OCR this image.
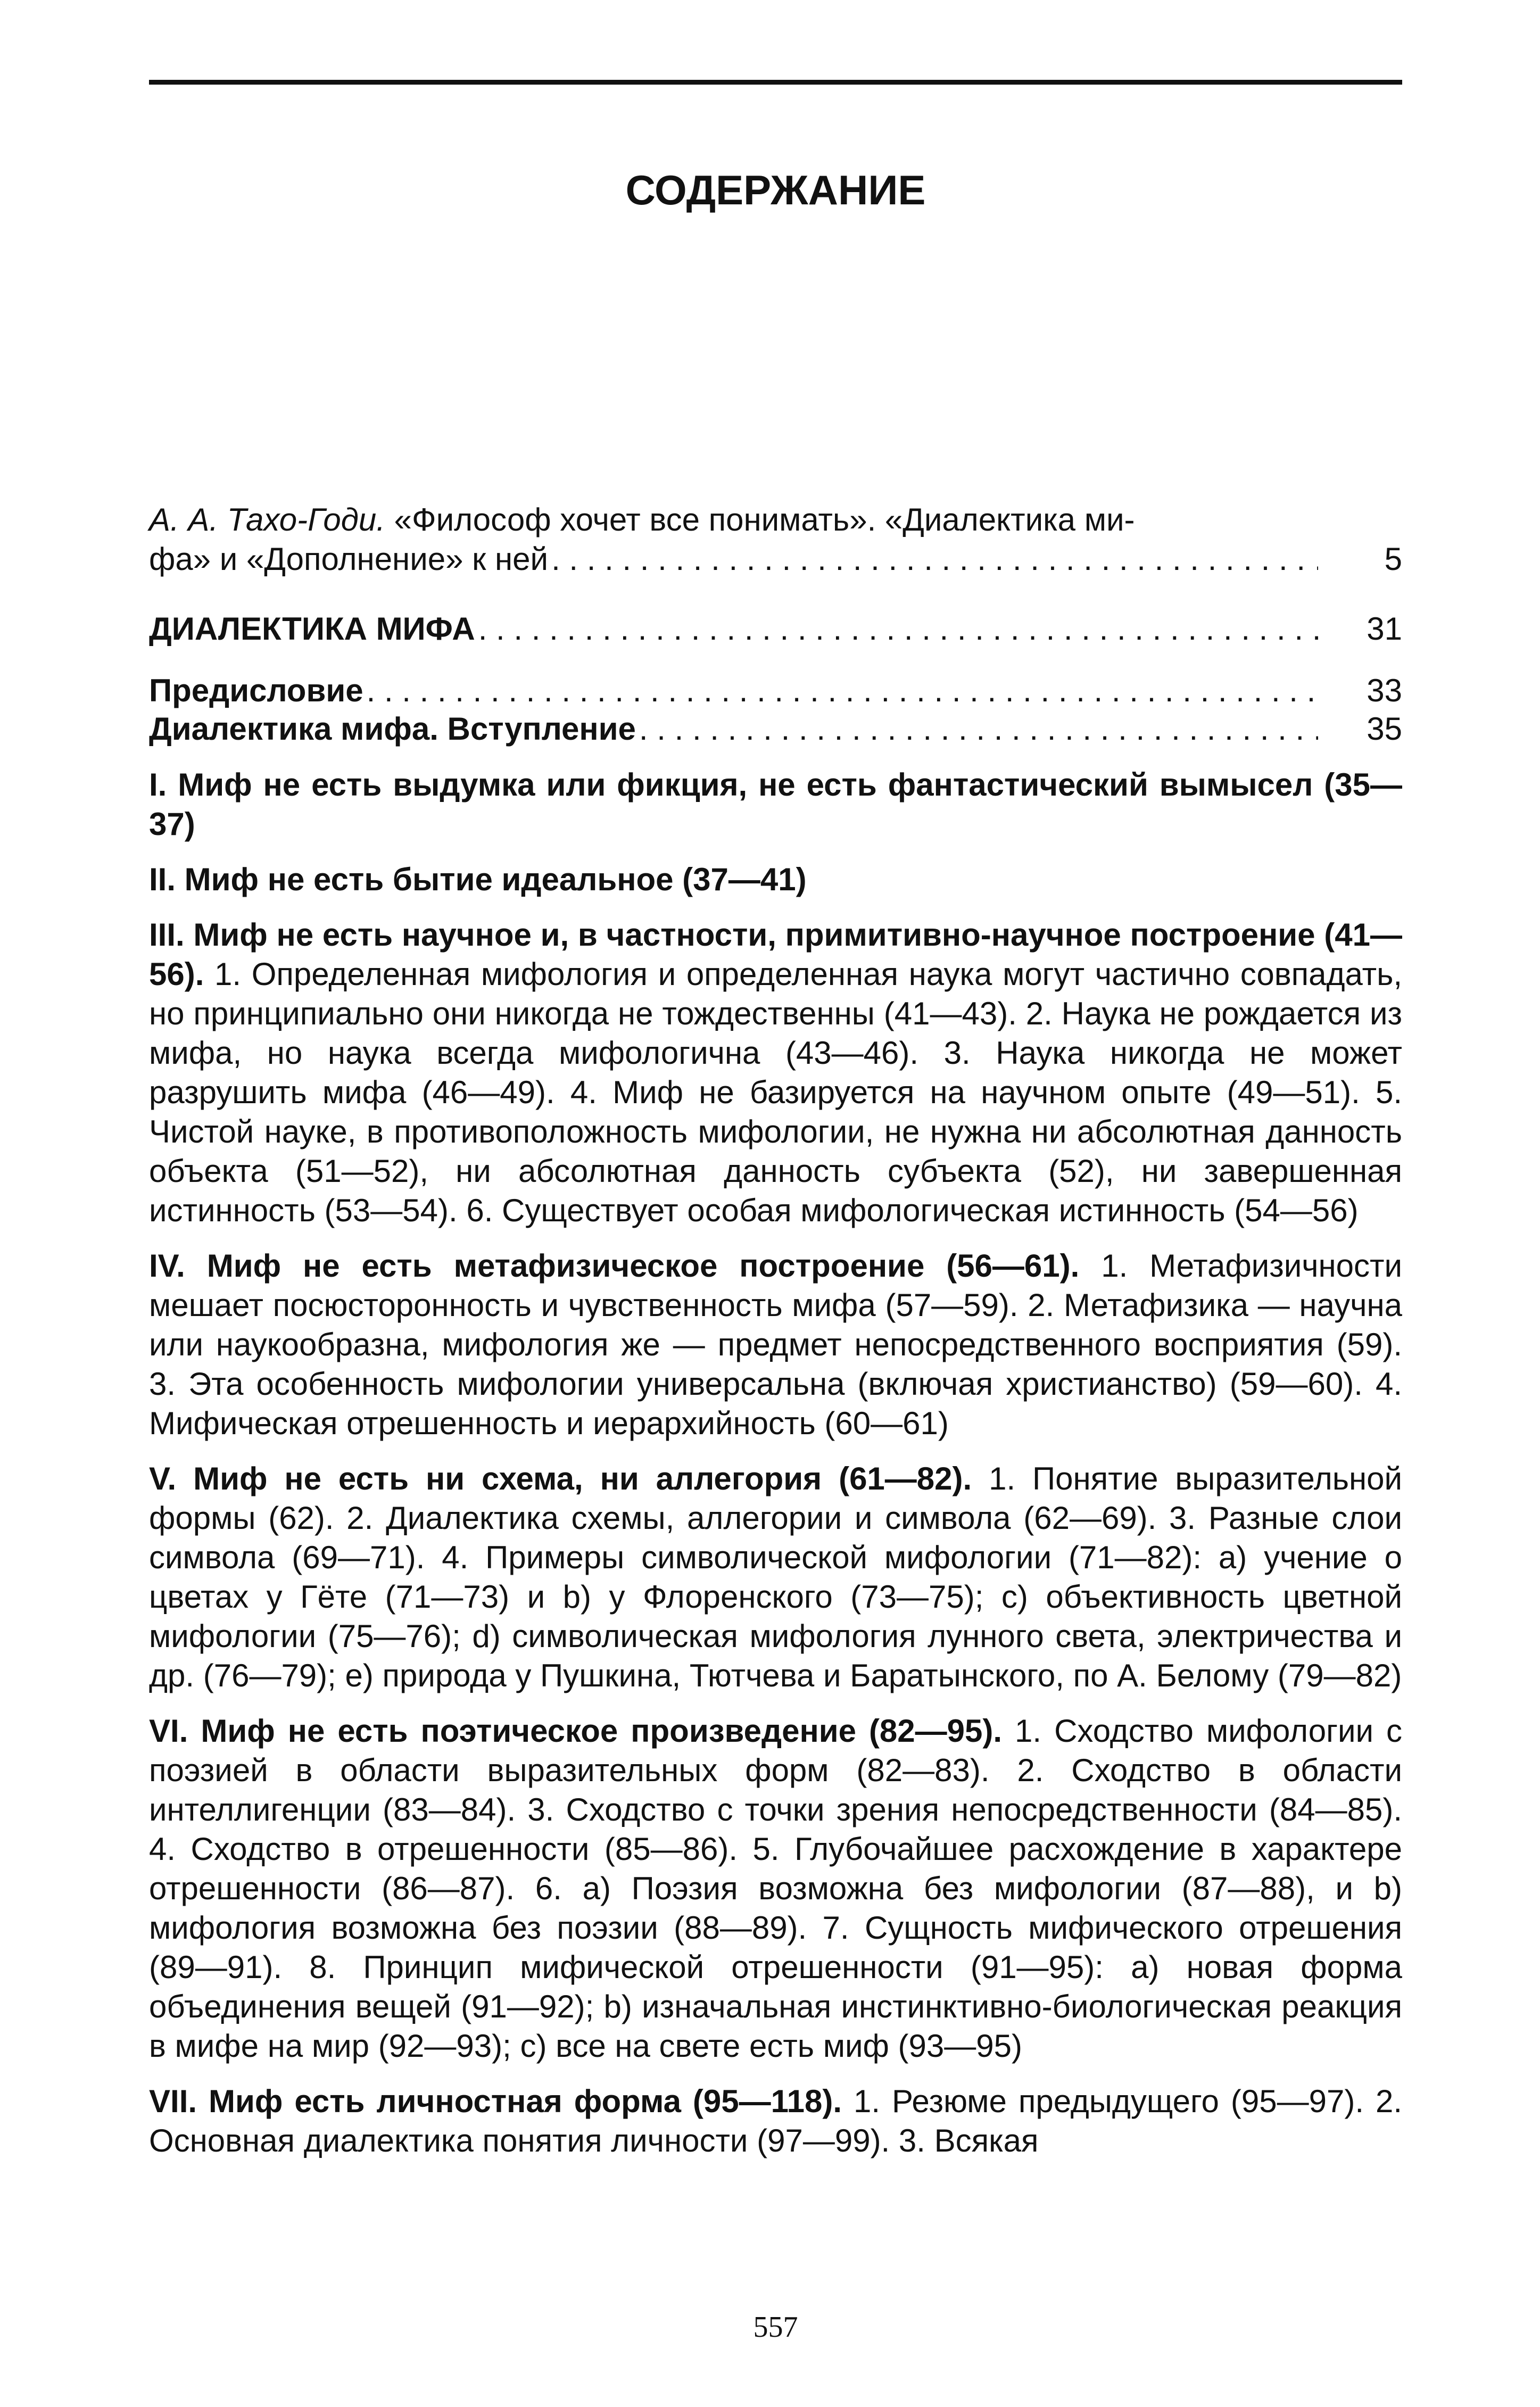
СОДЕРЖАНИЕ
А. А. Тахо-Годи. «Философ хочет все понимать». «Диалектика ми-
фа» и «Дополнение» к ней . . .	5
ДИАЛЕКТИКА МИФА . . .	31
Предисловие . . .	33
Диалектика мифа. Вступление . . .	35

I. Миф не есть выдумка или фикция, не есть фантастический вымысел (35—37)

II. Миф не есть бытие идеальное (37—41)

III. Миф не есть научное и, в частности, примитивно-научное построение (41—56). 1. Определенная мифология и определенная наука могут частично совпадать, но принципиально они никогда не тождественны (41—43). 2. Наука не рождается из мифа, но наука всегда мифологична (43—46). 3. Наука никогда не может разрушить мифа (46—49). 4. Миф не базируется на научном опыте (49—51). 5. Чистой науке, в противоположность мифологии, не нужна ни абсолютная данность объекта (51—52), ни абсолютная данность субъекта (52), ни завершенная истинность (53—54). 6. Существует особая мифологическая истинность (54—56)

IV. Миф не есть метафизическое построение (56—61). 1. Метафизичности мешает посюсторонность и чувственность мифа (57—59). 2. Метафизика — научна или наукообразна, мифология же — предмет непосредственного восприятия (59). 3. Эта особенность мифологии универсальна (включая христианство) (59—60). 4. Мифическая отрешенность и иерархийность (60—61)

V. Миф не есть ни схема, ни аллегория (61—82). 1. Понятие выразительной формы (62). 2. Диалектика схемы, аллегории и символа (62—69). 3. Разные слои символа (69—71). 4. Примеры символической мифологии (71—82): a) учение о цветах у Гёте (71—73) и b) у Флоренского (73—75); c) объективность цветной мифологии (75—76); d) символическая мифология лунного света, электричества и др. (76—79); e) природа у Пушкина, Тютчева и Баратынского, по А. Белому (79—82)

VI. Миф не есть поэтическое произведение (82—95). 1. Сходство мифологии с поэзией в области выразительных форм (82—83). 2. Сходство в области интеллигенции (83—84). 3. Сходство с точки зрения непосредственности (84—85). 4. Сходство в отрешенности (85—86). 5. Глубочайшее расхождение в характере отрешенности (86—87). 6. a) Поэзия возможна без мифологии (87—88), и b) мифология возможна без поэзии (88—89). 7. Сущность мифического отрешения (89—91). 8. Принцип мифической отрешенности (91—95): a) новая форма объединения вещей (91—92); b) изначальная инстинктивно-биологическая реакция в мифе на мир (92—93); c) все на свете есть миф (93—95)

VII. Миф есть личностная форма (95—118). 1. Резюме предыдущего (95—97). 2. Основная диалектика понятия личности (97—99). 3. Всякая

557
